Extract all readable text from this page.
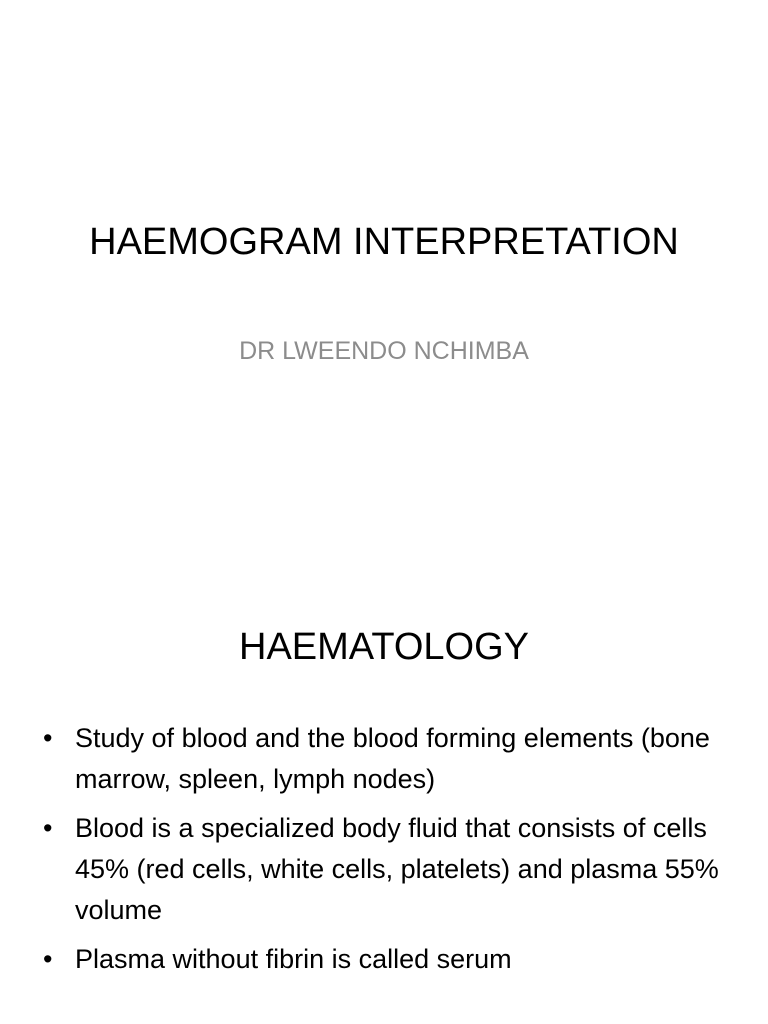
HAEMOGRAM INTERPRETATION

DR LWEENDO NCHIMBA

HAEMATOLOGY
• Study of blood and the blood forming elements (bone marrow, spleen, lymph nodes)
• Blood is a specialized body fluid that consists of cells 45% (red cells, white cells, platelets) and plasma 55% volume
• Plasma without fibrin is called serum
